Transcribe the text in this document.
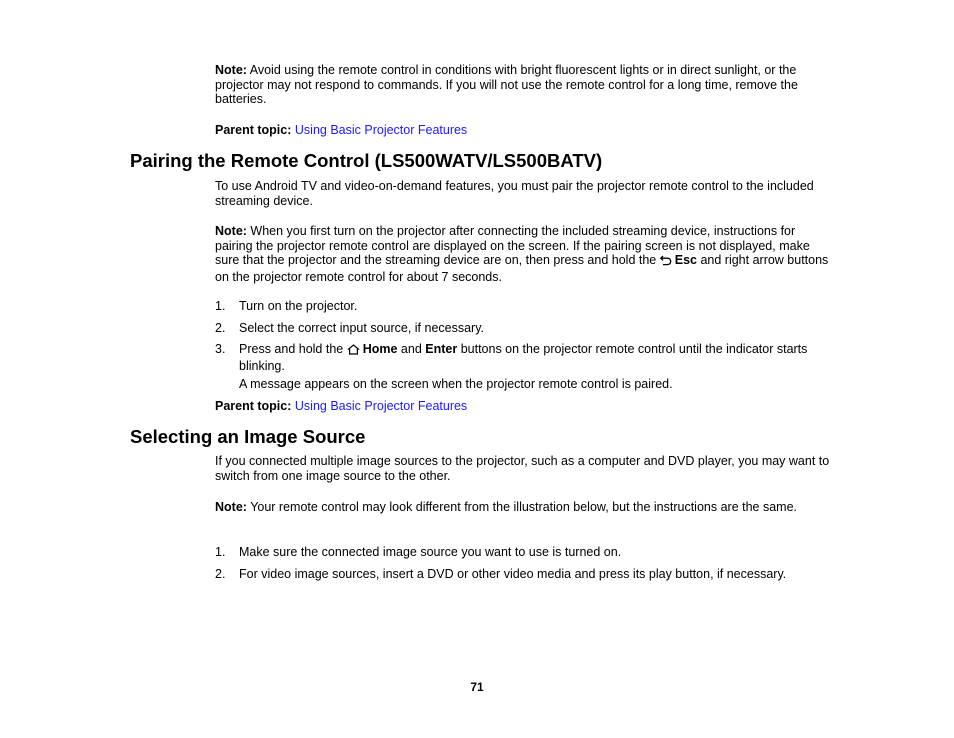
Note: Avoid using the remote control in conditions with bright fluorescent lights or in direct sunlight, or the projector may not respond to commands. If you will not use the remote control for a long time, remove the batteries.

Parent topic: Using Basic Projector Features

Pairing the Remote Control (LS500WATV/LS500BATV)

To use Android TV and video-on-demand features, you must pair the projector remote control to the included streaming device.

Note: When you first turn on the projector after connecting the included streaming device, instructions for pairing the projector remote control are displayed on the screen. If the pairing screen is not displayed, make sure that the projector and the streaming device are on, then press and hold the Esc and right arrow buttons on the projector remote control for about 7 seconds.

1.	Turn on the projector.
2.	Select the correct input source, if necessary.
3.	Press and hold the Home and Enter buttons on the projector remote control until the indicator starts blinking.

A message appears on the screen when the projector remote control is paired.

Parent topic: Using Basic Projector Features

Selecting an Image Source

If you connected multiple image sources to the projector, such as a computer and DVD player, you may want to switch from one image source to the other.

Note: Your remote control may look different from the illustration below, but the instructions are the same.

1.	Make sure the connected image source you want to use is turned on.
2.	For video image sources, insert a DVD or other video media and press its play button, if necessary.
71
